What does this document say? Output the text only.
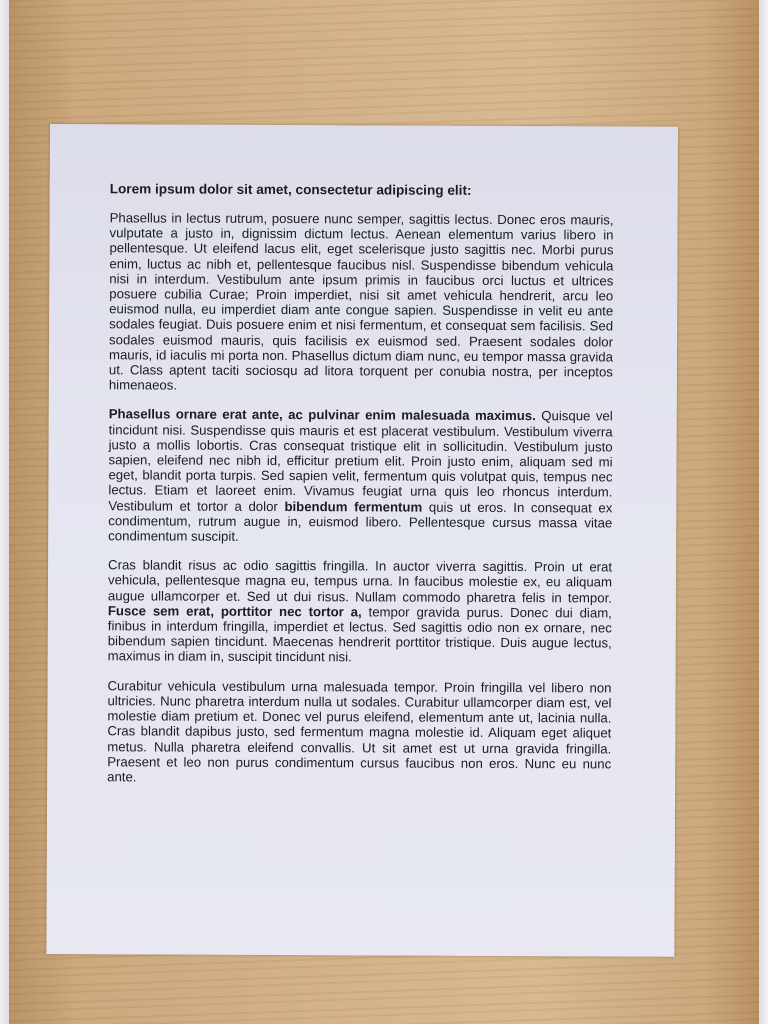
Lorem ipsum dolor sit amet, consectetur adipiscing elit:

Phasellus in lectus rutrum, posuere nunc semper, sagittis lectus. Donec eros mauris, vulputate a justo in, dignissim dictum lectus. Aenean elementum varius libero in pellentesque. Ut eleifend lacus elit, eget scelerisque justo sagittis nec. Morbi purus enim, luctus ac nibh et, pellentesque faucibus nisl. Suspendisse bibendum vehicula nisi in interdum. Vestibulum ante ipsum primis in faucibus orci luctus et ultrices posuere cubilia Curae; Proin imperdiet, nisi sit amet vehicula hendrerit, arcu leo euismod nulla, eu imperdiet diam ante congue sapien. Suspendisse in velit eu ante sodales feugiat. Duis posuere enim et nisi fermentum, et consequat sem facilisis. Sed sodales euismod mauris, quis facilisis ex euismod sed. Praesent sodales dolor mauris, id iaculis mi porta non. Phasellus dictum diam nunc, eu tempor massa gravida ut. Class aptent taciti sociosqu ad litora torquent per conubia nostra, per inceptos himenaeos.

Phasellus ornare erat ante, ac pulvinar enim malesuada maximus. Quisque vel tincidunt nisi. Suspendisse quis mauris et est placerat vestibulum. Vestibulum viverra justo a mollis lobortis. Cras consequat tristique elit in sollicitudin. Vestibulum justo sapien, eleifend nec nibh id, efficitur pretium elit. Proin justo enim, aliquam sed mi eget, blandit porta turpis. Sed sapien velit, fermentum quis volutpat quis, tempus nec lectus. Etiam et laoreet enim. Vivamus feugiat urna quis leo rhoncus interdum. Vestibulum et tortor a dolor bibendum fermentum quis ut eros. In consequat ex condimentum, rutrum augue in, euismod libero. Pellentesque cursus massa vitae condimentum suscipit.

Cras blandit risus ac odio sagittis fringilla. In auctor viverra sagittis. Proin ut erat vehicula, pellentesque magna eu, tempus urna. In faucibus molestie ex, eu aliquam augue ullamcorper et. Sed ut dui risus. Nullam commodo pharetra felis in tempor. Fusce sem erat, porttitor nec tortor a, tempor gravida purus. Donec dui diam, finibus in interdum fringilla, imperdiet et lectus. Sed sagittis odio non ex ornare, nec bibendum sapien tincidunt. Maecenas hendrerit porttitor tristique. Duis augue lectus, maximus in diam in, suscipit tincidunt nisi.

Curabitur vehicula vestibulum urna malesuada tempor. Proin fringilla vel libero non ultricies. Nunc pharetra interdum nulla ut sodales. Curabitur ullamcorper diam est, vel molestie diam pretium et. Donec vel purus eleifend, elementum ante ut, lacinia nulla. Cras blandit dapibus justo, sed fermentum magna molestie id. Aliquam eget aliquet metus. Nulla pharetra eleifend convallis. Ut sit amet est ut urna gravida fringilla. Praesent et leo non purus condimentum cursus faucibus non eros. Nunc eu nunc ante.
